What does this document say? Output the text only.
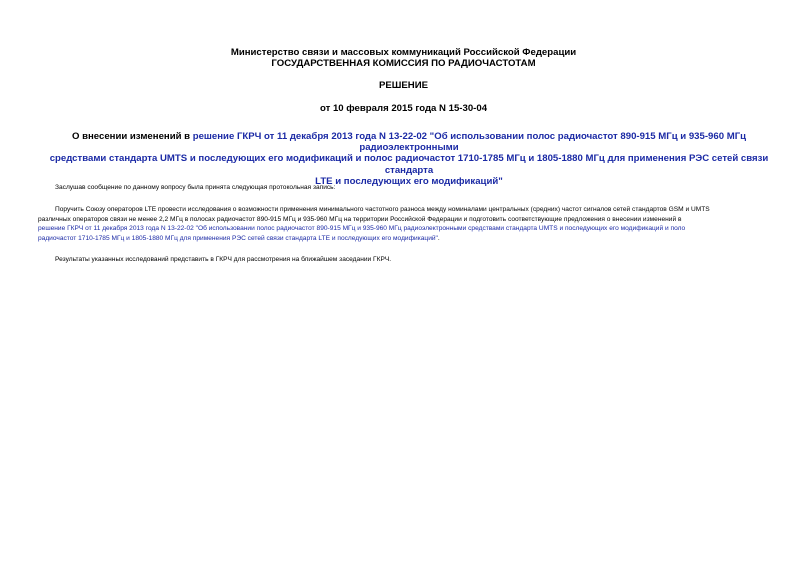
Министерство связи и массовых коммуникаций Российской Федерации
ГОСУДАРСТВЕННАЯ КОМИССИЯ ПО РАДИОЧАСТОТАМ
РЕШЕНИЕ
от 10 февраля 2015 года N 15-30-04
О внесении изменений в решение ГКРЧ от 11 декабря 2013 года N 13-22-02 "Об использовании полос радиочастот 890-915 МГц и 935-960 МГц радиоэлектронными
средствами стандарта UMTS и последующих его модификаций и полос радиочастот 1710-1785 МГц и 1805-1880 МГц для применения РЭС сетей связи стандарта
LTE и последующих его модификаций"
Заслушав сообщение по данному вопросу была принята следующая протокольная запись:
Поручить Союзу операторов LTE провести исследования о возможности применения минимального частотного разноса между номиналами центральных (средних) частот сигналов сетей стандартов GSM и UMTS
различных операторов связи не менее 2,2 МГц в полосах радиочастот 890-915 МГц и 935-960 МГц на территории Российской Федерации и подготовить соответствующие предложения о внесении изменений в
решение ГКРЧ от 11 декабря 2013 года N 13-22-02 "Об использовании полос радиочастот 890-915 МГц и 935-960 МГц радиоэлектронными средствами стандарта UMTS и последующих его модификаций и поло
радиочастот 1710-1785 МГц и 1805-1880 МГц для применения РЭС сетей связи стандарта LTE и последующих его модификаций".
Результаты указанных исследований представить в ГКРЧ для рассмотрения на ближайшем заседании ГКРЧ.
